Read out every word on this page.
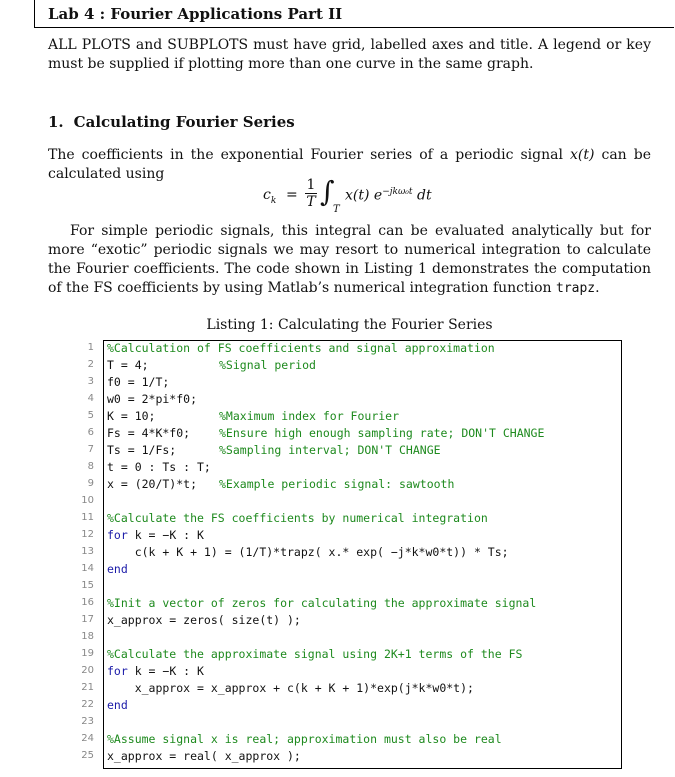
Lab 4 : Fourier Applications Part II
ALL PLOTS and SUBPLOTS must have grid, labelled axes and title. A legend or key must be supplied if plotting more than one curve in the same graph.
1. Calculating Fourier Series
The coefficients in the exponential Fourier series of a periodic signal x(t) can be calculated using
$c_k$ =
1
T ∫
T
x(t) $e^{-jk\omega_0t}$ dt
For simple periodic signals, this integral can be evaluated analytically but for more “exotic” periodic signals we may resort to numerical integration to calculate the Fourier coefficients. The code shown in Listing 1 demonstrates the computation of the FS coefficients by using Matlab’s numerical integration function trapz.
Listing 1: Calculating the Fourier Series
1 %Calculation of FS coefficients and signal approximation
2 T = 4;	%Signal period
3 f0 = 1/T;
4 w0 = 2*pi*f0;
5 K = 10;	%Maximum index for Fourier
6 Fs = 4*K*f0;	%Ensure high enough sampling rate; DON'T CHANGE
7 Ts = 1/Fs;	%Sampling interval; DON'T CHANGE
8 t = 0 : Ts : T;
9 x = (20/T)*t; %Example periodic signal: sawtooth
10
11 %Calculate the FS coefficients by numerical integration
12 for k = −K : K
13 c(k + K + 1) = (1/T)*trapz( x.* exp( −j*k*w0*t)) * Ts;
14 end
15
16 %Init a vector of zeros for calculating the approximate signal
17 x_approx = zeros( size(t) );
18
19 %Calculate the approximate signal using 2K+1 terms of the FS
20 for k = −K : K
21 x_approx = x_approx + c(k + K + 1)*exp(j*k*w0*t);
22 end
23
24 %Assume signal x is real; approximation must also be real
25 x_approx = real( x_approx );
